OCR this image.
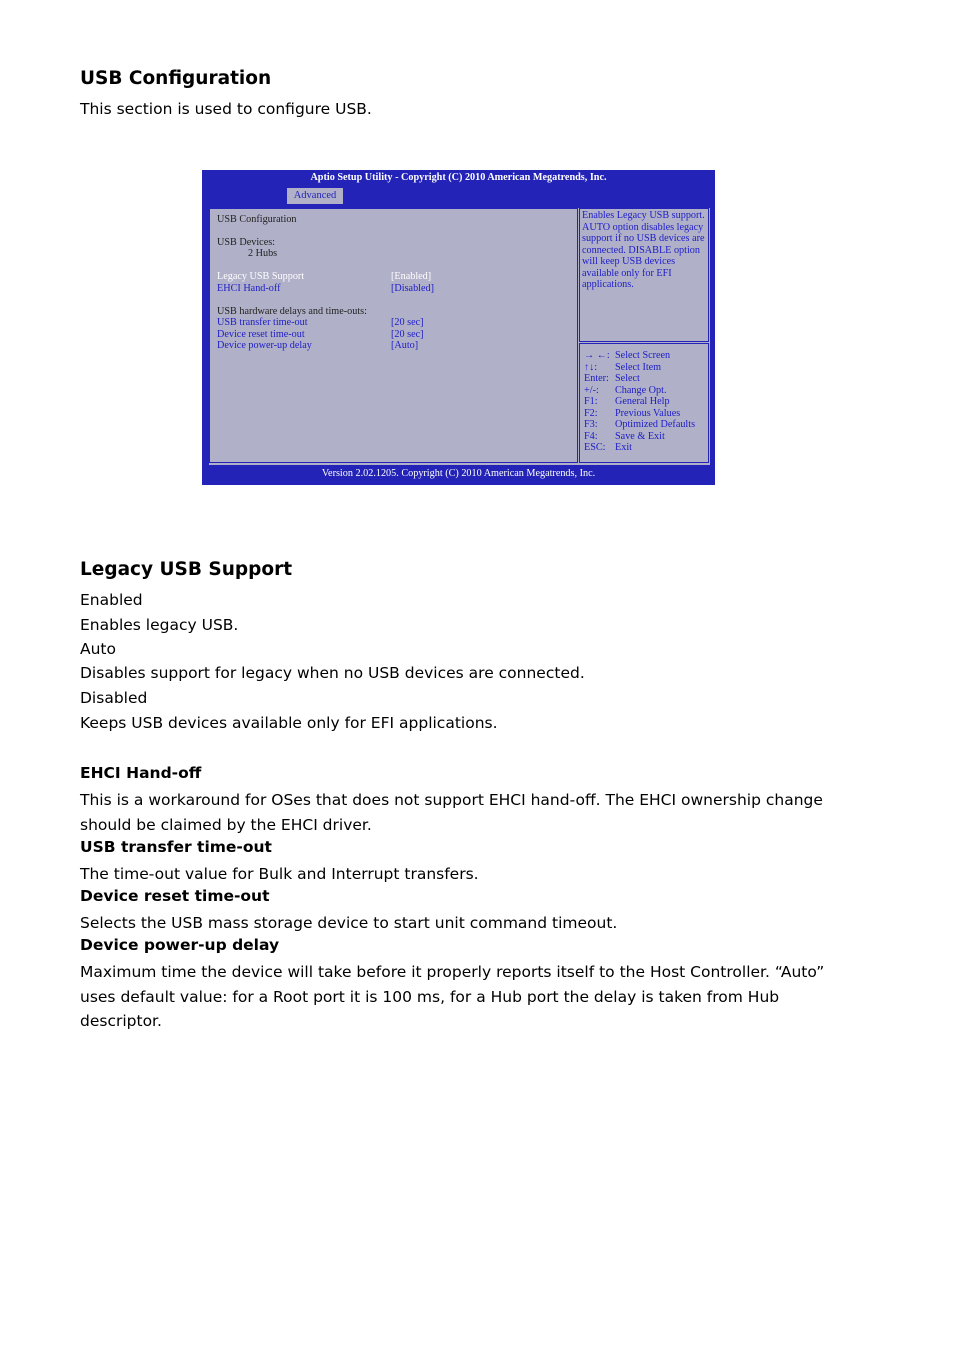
USB Configuration
This section is used to configure USB.
Aptio Setup Utility - Copyright (C) 2010 American Megatrends, Inc.
Advanced
USB Configuration
USB Devices:
2 Hubs
Legacy USB Support	[Enabled]
EHCI Hand-off	[Disabled]
USB hardware delays and time-outs:
USB transfer time-out	[20 sec]
Device reset time-out	[20 sec]
Device power-up delay	[Auto]
Enables Legacy USB support. AUTO option disables legacy support if no USB devices are connected. DISABLE option will keep USB devices available only for EFI applications.
→ ←: Select Screen
↑↓: Select Item
Enter: Select
+/-: Change Opt.
F1: General Help
F2: Previous Values
F3: Optimized Defaults
F4: Save & Exit
ESC: Exit
Version 2.02.1205. Copyright (C) 2010 American Megatrends, Inc.
Legacy USB Support
Enabled
Enables legacy USB.
Auto
Disables support for legacy when no USB devices are connected.
Disabled
Keeps USB devices available only for EFI applications.
EHCI Hand-off
This is a workaround for OSes that does not support EHCI hand-off. The EHCI ownership change
should be claimed by the EHCI driver.
USB transfer time-out
The time-out value for Bulk and Interrupt transfers.
Device reset time-out
Selects the USB mass storage device to start unit command timeout.
Device power-up delay
Maximum time the device will take before it properly reports itself to the Host Controller. “Auto”
uses default value: for a Root port it is 100 ms, for a Hub port the delay is taken from Hub
descriptor.
